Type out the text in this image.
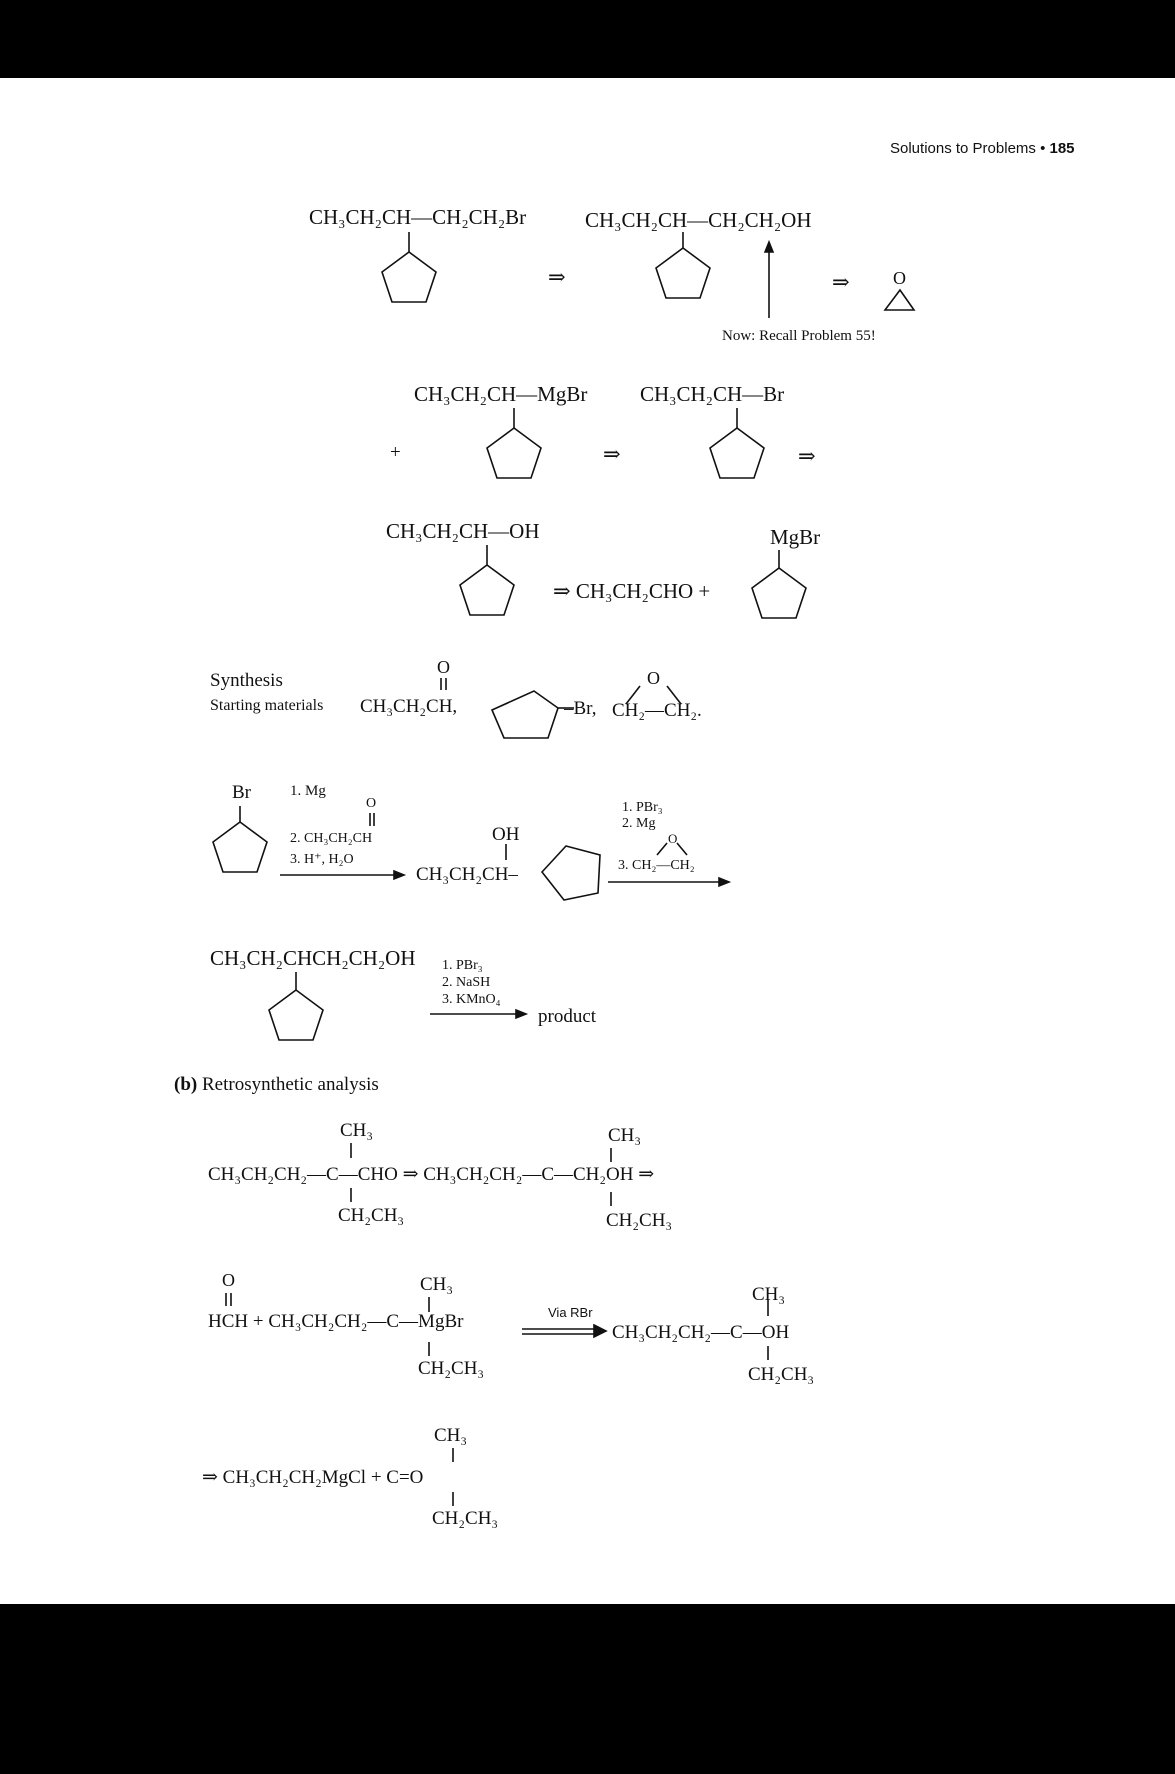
Solutions to Problems • 185
CH₃CH₂CH—CH₂CH₂Br	CH₃CH₂CH—CH₂CH₂OH
⇒	⇒ O
Now: Recall Problem 55!
+
CH₃CH₂CH—MgBr	CH₃CH₂CH—Br
⇒	⇒
CH₃CH₂CH—OH
⇒ CH₃CH₂CHO +
MgBr
Synthesis
Starting materials
O
CH₃CH₂CH,	–Br,
O
CH₂—CH₂.
Br	1. Mg
O
2. CH₃CH₂CH
3. H⁺, H₂O
OH
CH₃CH₂CH–
1. PBr₃
2. Mg
O
3. CH₂—CH₂
CH₃CH₂CHCH₂CH₂OH 1. PBr₃
2. NaSH
3. KMnO₄
product
(b) Retrosynthetic analysis
CH₃
CH₃CH₂CH₂—C—CHO ⇒ CH₃CH₂CH₂—C—CH₂OH ⇒
CH₂CH₃
CH₃
CH₂CH₃
O
HCH + CH₃CH₂CH₂—C—MgBr
CH₃
CH₂CH₃
Via RBr
CH₃CH₂CH₂—C—OH
CH₃
CH₂CH₃
CH₃
⇒ CH₃CH₂CH₂MgCl + C=O
CH₂CH₃
